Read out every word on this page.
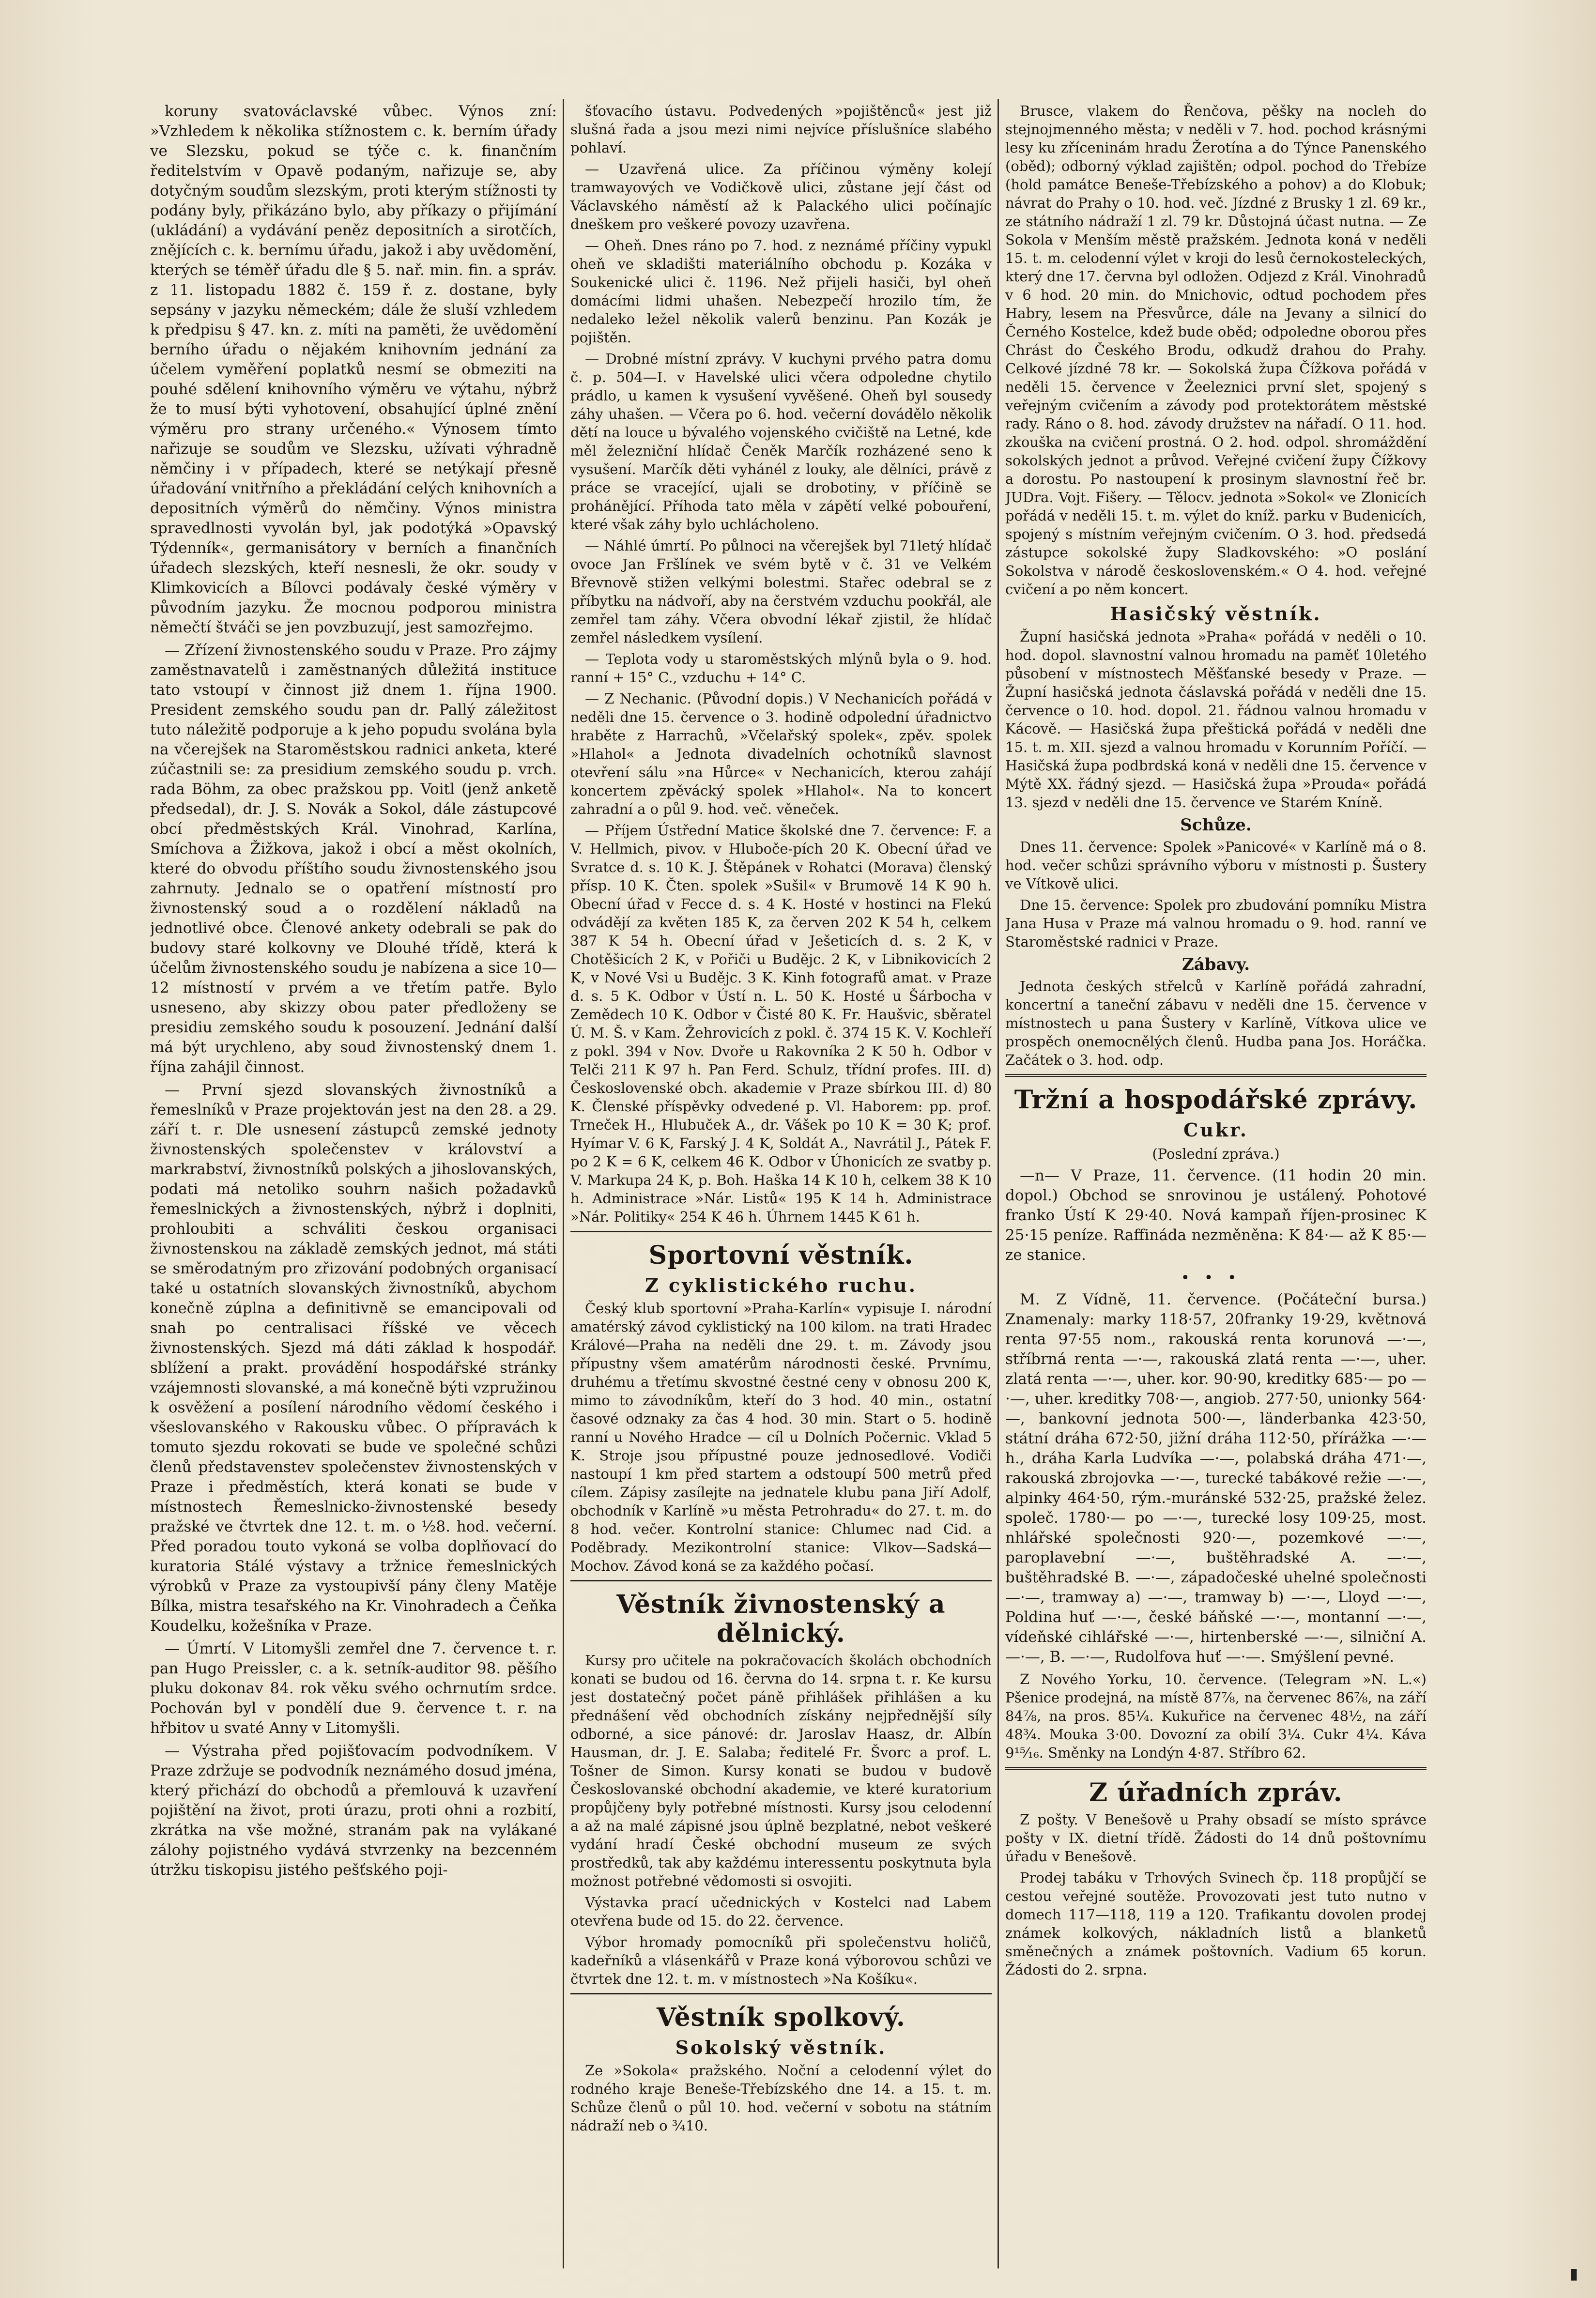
koruny svatováclavské vůbec. Výnos zní: »Vzhledem k několika stížnostem c. k. berním úřady ve Slezsku, pokud se týče c. k. finančním ředitelstvím v Opavě podaným, nařizuje se, aby dotyčným soudům slezským, proti kterým stížnosti ty podány byly, přikázáno bylo, aby příkazy o přijímání (ukládání) a vydávání peněz depositních a sirotčích, znějících c. k. bernímu úřadu, jakož i aby uvědomění, kterých se téměř úřadu dle § 5. nař. min. fin. a správ. z 11. listopadu 1882 č. 159 ř. z. dostane, byly sepsány v jazyku německém; dále že sluší vzhledem k předpisu § 47. kn. z. míti na paměti, že uvědomění berního úřadu o nějakém knihovním jednání za účelem vyměření poplatků nesmí se obmeziti na pouhé sdělení knihovního výměru ve výtahu, nýbrž že to musí býti vyhotovení, obsahující úplné znění výměru pro strany určeného.« Výnosem tímto nařizuje se soudům ve Slezsku, užívati výhradně němčiny i v případech, které se netýkají přesně úřadování vnitřního a překládání celých knihovních a depositních výměrů do němčiny. Výnos ministra spravedlnosti vyvolán byl, jak podotýká »Opavský Týdenník«, germanisátory v berních a finančních úřadech slezských, kteří nesnesli, že okr. soudy v Klimkovicích a Bílovci podávaly české výměry v původním jazyku. Že mocnou podporou ministra němečtí štváči se jen povzbuzují, jest samozřejmo.

— Zřízení živnostenského soudu v Praze. Pro zájmy zaměstnavatelů i zaměstnaných důležitá instituce tato vstoupí v činnost již dnem 1. října 1900. President zemského soudu pan dr. Pallý záležitost tuto náležitě podporuje a k jeho popudu svolána byla na včerejšek na Staroměstskou radnici anketa, které zúčastnili se: za presidium zemského soudu p. vrch. rada Böhm, za obec pražskou pp. Voitl (jenž anketě předsedal), dr. J. S. Novák a Sokol, dále zástupcové obcí předměstských Král. Vinohrad, Karlína, Smíchova a Žižkova, jakož i obcí a měst okolních, které do obvodu příštího soudu živnostenského jsou zahrnuty. Jednalo se o opatření místností pro živnostenský soud a o rozdělení nákladů na jednotlivé obce. Členové ankety odebrali se pak do budovy staré kolkovny ve Dlouhé třídě, která k účelům živnostenského soudu je nabízena a sice 10—12 místností v prvém a ve třetím patře. Bylo usneseno, aby skizzy obou pater předloženy se presidiu zemského soudu k posouzení. Jednání další má být urychleno, aby soud živnostenský dnem 1. října zahájil činnost.

— První sjezd slovanských živnostníků a řemeslníků v Praze projektován jest na den 28. a 29. září t. r. Dle usnesení zástupců zemské jednoty živnostenských společenstev v království a markrabství, živnostníků polských a jihoslovanských, podati má netoliko souhrn našich požadavků řemeslnických a živnostenských, nýbrž i doplniti, prohloubiti a schváliti českou organisaci živnostenskou na základě zemských jednot, má státi se směrodatným pro zřizování podobných organisací také u ostatních slovanských živnostníků, abychom konečně zúplna a definitivně se emancipovali od snah po centralisaci říšské ve věcech živnostenských. Sjezd má dáti základ k hospodář. sblížení a prakt. provádění hospodářské stránky vzájemnosti slovanské, a má konečně býti vzpružinou k osvěžení a posílení národního vědomí českého i všeslovanského v Rakousku vůbec. O přípravách k tomuto sjezdu rokovati se bude ve společné schůzi členů představenstev společenstev živnostenských v Praze i předměstích, která konati se bude v místnostech Řemeslnicko-živnostenské besedy pražské ve čtvrtek dne 12. t. m. o ½8. hod. večerní. Před poradou touto vykoná se volba doplňovací do kuratoria Stálé výstavy a tržnice řemeslnických výrobků v Praze za vystoupivší pány členy Matěje Bílka, mistra tesařského na Kr. Vinohradech a Čeňka Koudelku, kožešníka v Praze.

— Úmrtí. V Litomyšli zemřel dne 7. července t. r. pan Hugo Preissler, c. a k. setník-auditor 98. pěšího pluku dokonav 84. rok věku svého ochrnutím srdce. Pochován byl v pondělí due 9. července t. r. na hřbitov u svaté Anny v Litomyšli.

— Výstraha před pojišťovacím podvodníkem. V Praze zdržuje se podvodník neznámého dosud jména, který přichází do obchodů a přemlouvá k uzavření pojištění na život, proti úrazu, proti ohni a rozbití, zkrátka na vše možné, stranám pak na vylákané zálohy pojistného vydává stvrzenky na bezcenném útržku tiskopisu jistého pešťského poji-

šťovacího ústavu. Podvedených »pojištěnců« jest již slušná řada a jsou mezi nimi nejvíce příslušníce slabého pohlaví.

— Uzavřená ulice. Za příčinou výměny kolejí tramwayových ve Vodičkově ulici, zůstane její část od Václavského náměstí až k Palackého ulici počínajíc dneškem pro veškeré povozy uzavřena.

— Oheň. Dnes ráno po 7. hod. z neznámé příčiny vypukl oheň ve skladišti materiálního obchodu p. Kozáka v Soukenické ulici č. 1196. Než přijeli hasiči, byl oheň domácími lidmi uhašen. Nebezpečí hrozilo tím, že nedaleko ležel několik valerů benzinu. Pan Kozák je pojištěn.

— Drobné místní zprávy. V kuchyni prvého patra domu č. p. 504—I. v Havelské ulici včera odpoledne chytilo prádlo, u kamen k vysušení vyvěšené. Oheň byl sousedy záhy uhašen. — Včera po 6. hod. večerní dovádělo několik dětí na louce u bývalého vojenského cvičiště na Letné, kde měl železniční hlídač Čeněk Marčík rozházené seno k vysušení. Marčík děti vyhánél z louky, ale dělníci, právě z práce se vracející, ujali se drobotiny, v příčině se prohánějící. Příhoda tato měla v zápětí velké pobouření, které však záhy bylo uchlácholeno.

— Náhlé úmrtí. Po půlnoci na včerejšek byl 71letý hlídač ovoce Jan Fršlínek ve svém bytě v č. 31 ve Velkém Břevnově stižen velkými bolestmi. Stařec odebral se z příbytku na nádvoří, aby na čerstvém vzduchu pookřál, ale zemřel tam záhy. Včera obvodní lékař zjistil, že hlídač zemřel následkem vysílení.

— Teplota vody u staroměstských mlýnů byla o 9. hod. ranní + 15° C., vzduchu + 14° C.

— Z Nechanic. (Původní dopis.) V Nechanicích pořádá v neděli dne 15. července o 3. hodině odpolední úřadnictvo hraběte z Harrachů, »Včelařský spolek«, zpěv. spolek »Hlahol« a Jednota divadelních ochotníků slavnost otevření sálu »na Hůrce« v Nechanicích, kterou zahájí koncertem zpěvácký spolek »Hlahol«. Na to koncert zahradní a o půl 9. hod. več. věneček.

— Příjem Ústřední Matice školské dne 7. července: F. a V. Hellmich, pivov. v Hluboče-pích 20 K. Obecní úřad ve Svratce d. s. 10 K. J. Štěpánek v Rohatci (Morava) členský přísp. 10 K. Čten. spolek »Sušil« v Brumově 14 K 90 h. Obecní úřad v Fecce d. s. 4 K. Hosté v hostinci na Flekú odvádějí za květen 185 K, za červen 202 K 54 h, celkem 387 K 54 h. Obecní úřad v Ješeticích d. s. 2 K, v Chotěšicích 2 K, v Pořiči u Budějc. 2 K, v Libnikovicích 2 K, v Nové Vsi u Budějc. 3 K. Kinh fotografů amat. v Praze d. s. 5 K. Odbor v Ústí n. L. 50 K. Hosté u Šárbocha v Zemědech 10 K. Odbor v Čisté 80 K. Fr. Haušvic, sběratel Ú. M. Š. v Kam. Žehrovicích z pokl. č. 374 15 K. V. Kochleří z pokl. 394 v Nov. Dvoře u Rakovníka 2 K 50 h. Odbor v Telči 211 K 97 h. Pan Ferd. Schulz, třídní profes. III. d) Československé obch. akademie v Praze sbírkou III. d) 80 K. Členské příspěvky odvedené p. Vl. Haborem: pp. prof. Trneček H., Hlubuček A., dr. Vášek po 10 K = 30 K; prof. Hyímar V. 6 K, Farský J. 4 K, Soldát A., Navrátil J., Pátek F. po 2 K = 6 K, celkem 46 K. Odbor v Úhonicích ze svatby p. V. Markupa 24 K, p. Boh. Haška 14 K 10 h, celkem 38 K 10 h. Administrace »Nár. Listů« 195 K 14 h. Administrace »Nár. Politiky« 254 K 46 h. Úhrnem 1445 K 61 h.

Sportovní věstník.
Z cyklistického ruchu.

Český klub sportovní »Praha-Karlín« vypisuje I. národní amatérský závod cyklistický na 100 kilom. na trati Hradec Králové—Praha na neděli dne 29. t. m. Závody jsou přípustny všem amatérům národnosti české. Prvnímu, druhému a třetímu skvostné čestné ceny v obnosu 200 K, mimo to závodníkům, kteří do 3 hod. 40 min., ostatní časové odznaky za čas 4 hod. 30 min. Start o 5. hodině ranní u Nového Hradce — cíl u Dolních Počernic. Vklad 5 K. Stroje jsou přípustné pouze jednosedlové. Vodiči nastoupí 1 km před startem a odstoupí 500 metrů před cílem. Zápisy zasílejte na jednatele klubu pana Jiří Adolf, obchodník v Karlíně »u města Petrohradu« do 27. t. m. do 8 hod. večer. Kontrolní stanice: Chlumec nad Cid. a Poděbrady. Mezikontrolní stanice: Vlkov—Sadská—Mochov. Závod koná se za každého počasí.

Věstník živnostenský a dělnický.

Kursy pro učitele na pokračovacích školách obchodních konati se budou od 16. června do 14. srpna t. r. Ke kursu jest dostatečný počet páně přihlášek přihlášen a ku přednášení věd obchodních získány nejpřednější síly odborné, a sice pánové: dr. Jaroslav Haasz, dr. Albín Hausman, dr. J. E. Salaba; ředitelé Fr. Švorc a prof. L. Tošner de Simon. Kursy konati se budou v budově Českoslovanské obchodní akademie, ve které kuratorium propůjčeny byly potřebné místnosti. Kursy jsou celodenní a až na malé zápisné jsou úplně bezplatné, nebot veškeré vydání hradí České obchodní museum ze svých prostředků, tak aby každému interessentu poskytnuta byla možnost potřebné vědomosti si osvojiti.

Výstavka prací učednických v Kostelci nad Labem otevřena bude od 15. do 22. července.

Výbor hromady pomocníků při společenstvu holičů, kadeřníků a vlásenkářů v Praze koná výborovou schůzi ve čtvrtek dne 12. t. m. v místnostech »Na Košíku«.

Věstník spolkový.
Sokolský věstník.

Ze »Sokola« pražského. Noční a celodenní výlet do rodného kraje Beneše-Třebízského dne 14. a 15. t. m. Schůze členů o půl 10. hod. večerní v sobotu na státním nádraží neb o ¾10.

Brusce, vlakem do Řenčova, pěšky na nocleh do stejnojmenného města; v neděli v 7. hod. pochod krásnými lesy ku zříceninám hradu Žerotína a do Týnce Panenského (oběd); odborný výklad zajištěn; odpol. pochod do Třebíze (hold památce Beneše-Třebízského a pohov) a do Klobuk; návrat do Prahy o 10. hod. več. Jízdné z Brusky 1 zl. 69 kr., ze státního nádraží 1 zl. 79 kr. Důstojná účast nutna. — Ze Sokola v Menším městě pražském. Jednota koná v neděli 15. t. m. celodenní výlet v kroji do lesů černokosteleckých, který dne 17. června byl odložen. Odjezd z Král. Vinohradů v 6 hod. 20 min. do Mnichovic, odtud pochodem přes Habry, lesem na Přesvůrce, dále na Jevany a silnicí do Černého Kostelce, kdež bude oběd; odpoledne oborou přes Chrást do Českého Brodu, odkudž drahou do Prahy. Celkové jízdné 78 kr. — Sokolská župa Čížkova pořádá v neděli 15. července v Žeeleznici první slet, spojený s veřejným cvičením a závody pod protektorátem městské rady. Ráno o 8. hod. závody družstev na nářadí. O 11. hod. zkouška na cvičení prostná. O 2. hod. odpol. shromáždění sokolských jednot a průvod. Veřejné cvičení župy Čížkovy a dorostu. Po nastoupení k prosinym slavnostní řeč br. JUDra. Vojt. Fišery. — Tělocv. jednota »Sokol« ve Zlonicích pořádá v neděli 15. t. m. výlet do kníž. parku v Budenicích, spojený s místním veřejným cvičením. O 3. hod. předsedá zástupce sokolské župy Sladkovského: »O poslání Sokolstva v národě československém.« O 4. hod. veřejné cvičení a po něm koncert.

Hasičský věstník.

Župní hasičská jednota »Praha« pořádá v neděli o 10. hod. dopol. slavnostní valnou hromadu na paměť 10letého působení v místnostech Měšťanské besedy v Praze. — Župní hasičská jednota čáslavská pořádá v neděli dne 15. července o 10. hod. dopol. 21. řádnou valnou hromadu v Kácově. — Hasičská župa přeštická pořádá v neděli dne 15. t. m. XII. sjezd a valnou hromadu v Korunním Poříčí. — Hasičská župa podbrdská koná v neděli dne 15. července v Mýtě XX. řádný sjezd. — Hasičská župa »Prouda« pořádá 13. sjezd v neděli dne 15. července ve Starém Kníně.

Schůze.

Dnes 11. července: Spolek »Panicové« v Karlíně má o 8. hod. večer schůzi správního výboru v místnosti p. Šustery ve Vítkově ulici.

Dne 15. července: Spolek pro zbudování pomníku Mistra Jana Husa v Praze má valnou hromadu o 9. hod. ranní ve Staroměstské radnici v Praze.

Zábavy.

Jednota českých střelců v Karlíně pořádá zahradní, koncertní a taneční zábavu v neděli dne 15. července v místnostech u pana Šustery v Karlíně, Vítkova ulice ve prospěch onemocnělých členů. Hudba pana Jos. Horáčka. Začátek o 3. hod. odp.

Tržní a hospodářské zprávy.
Cukr.
(Poslední zpráva.)

—n— V Praze, 11. července. (11 hodin 20 min. dopol.) Obchod se snrovinou je ustálený. Pohotové franko Ústí K 29·40. Nová kampaň říjen-prosinec K 25·15 peníze. Raffináda nezměněna: K 84·— až K 85·— ze stanice.

•••

M. Z Vídně, 11. července. (Počáteční bursa.) Znamenaly: marky 118·57, 20franky 19·29, květnová renta 97·55 nom., rakouská renta korunová —·—, stříbrná renta —·—, rakouská zlatá renta —·—, uher. zlatá renta —·—, uher. kor. 90·90, kreditky 685·— po —·—, uher. kreditky 708·—, angiob. 277·50, unionky 564·—, bankovní jednota 500·—, länderbanka 423·50, státní dráha 672·50, jižní dráha 112·50, přírážka —·— h., dráha Karla Ludvíka —·—, polabská dráha 471·—, rakouská zbrojovka —·—, turecké tabákové režie —·—, alpinky 464·50, rým.-muránské 532·25, pražské želez. společ. 1780·— po —·—, turecké losy 109·25, most. nhlářské společnosti 920·—, pozemkové —·—, paroplavební —·—, buštěhradské A. —·—, buštěhradské B. —·—, západočeské uhelné společnosti —·—, tramway a) —·—, tramway b) —·—, Lloyd —·—, Poldina huť —·—, české báňské —·—, montanní —·—, vídeňské cihlářské —·—, hirtenberské —·—, silniční A. —·—, B. —·—, Rudolfova huť —·—. Smýšlení pevné.

Z Nového Yorku, 10. července. (Telegram »N. L.«) Pšenice prodejná, na místě 87⅞, na červenec 86⅞, na září 84⅞, na pros. 85¼. Kukuřice na červenec 48½, na září 48¾. Mouka 3·00. Dovozní za obilí 3¼. Cukr 4¼. Káva 9¹⁵⁄₁₆. Směnky na Londýn 4·87. Stříbro 62.

Z úřadních zpráv.

Z pošty. V Benešově u Prahy obsadí se místo správce pošty v IX. dietní třídě. Žádosti do 14 dnů poštovnímu úřadu v Benešově.

Prodej tabáku v Trhových Svinech čp. 118 propůjčí se cestou veřejné soutěže. Provozovati jest tuto nutno v domech 117—118, 119 a 120. Trafikantu dovolen prodej známek kolkových, nákladních listů a blanketů směnečných a známek poštovních. Vadium 65 korun. Žádosti do 2. srpna.
